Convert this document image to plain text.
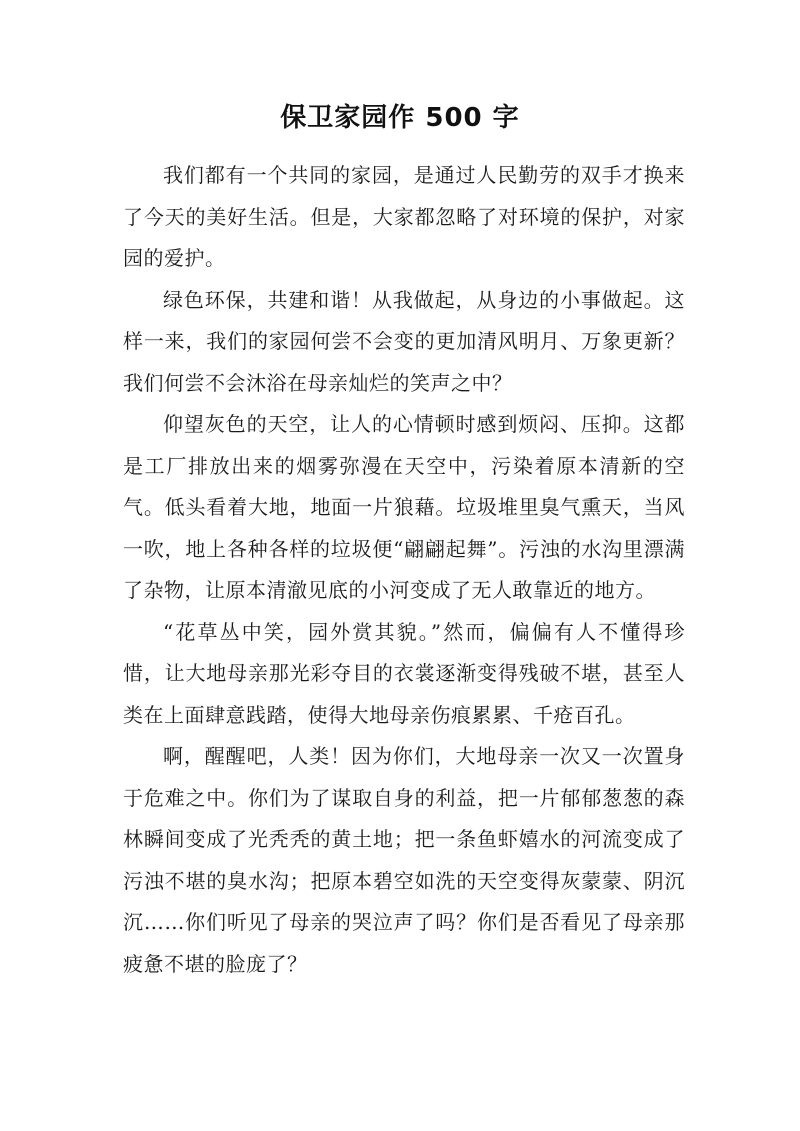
保卫家园作 500 字

我们都有一个共同的家园，是通过人民勤劳的双手才换来了今天的美好生活。但是，大家都忽略了对环境的保护，对家园的爱护。

绿色环保，共建和谐！从我做起，从身边的小事做起。这样一来，我们的家园何尝不会变的更加清风明月、万象更新？我们何尝不会沐浴在母亲灿烂的笑声之中？

仰望灰色的天空，让人的心情顿时感到烦闷、压抑。这都是工厂排放出来的烟雾弥漫在天空中，污染着原本清新的空气。低头看着大地，地面一片狼藉。垃圾堆里臭气熏天，当风一吹，地上各种各样的垃圾便“翩翩起舞”。污浊的水沟里漂满了杂物，让原本清澈见底的小河变成了无人敢靠近的地方。

“花草丛中笑，园外赏其貌。”然而，偏偏有人不懂得珍惜，让大地母亲那光彩夺目的衣裳逐渐变得残破不堪，甚至人类在上面肆意践踏，使得大地母亲伤痕累累、千疮百孔。

啊，醒醒吧，人类！因为你们，大地母亲一次又一次置身于危难之中。你们为了谋取自身的利益，把一片郁郁葱葱的森林瞬间变成了光秃秃的黄土地；把一条鱼虾嬉水的河流变成了污浊不堪的臭水沟；把原本碧空如洗的天空变得灰蒙蒙、阴沉沉……你们听见了母亲的哭泣声了吗？你们是否看见了母亲那疲惫不堪的脸庞了？
